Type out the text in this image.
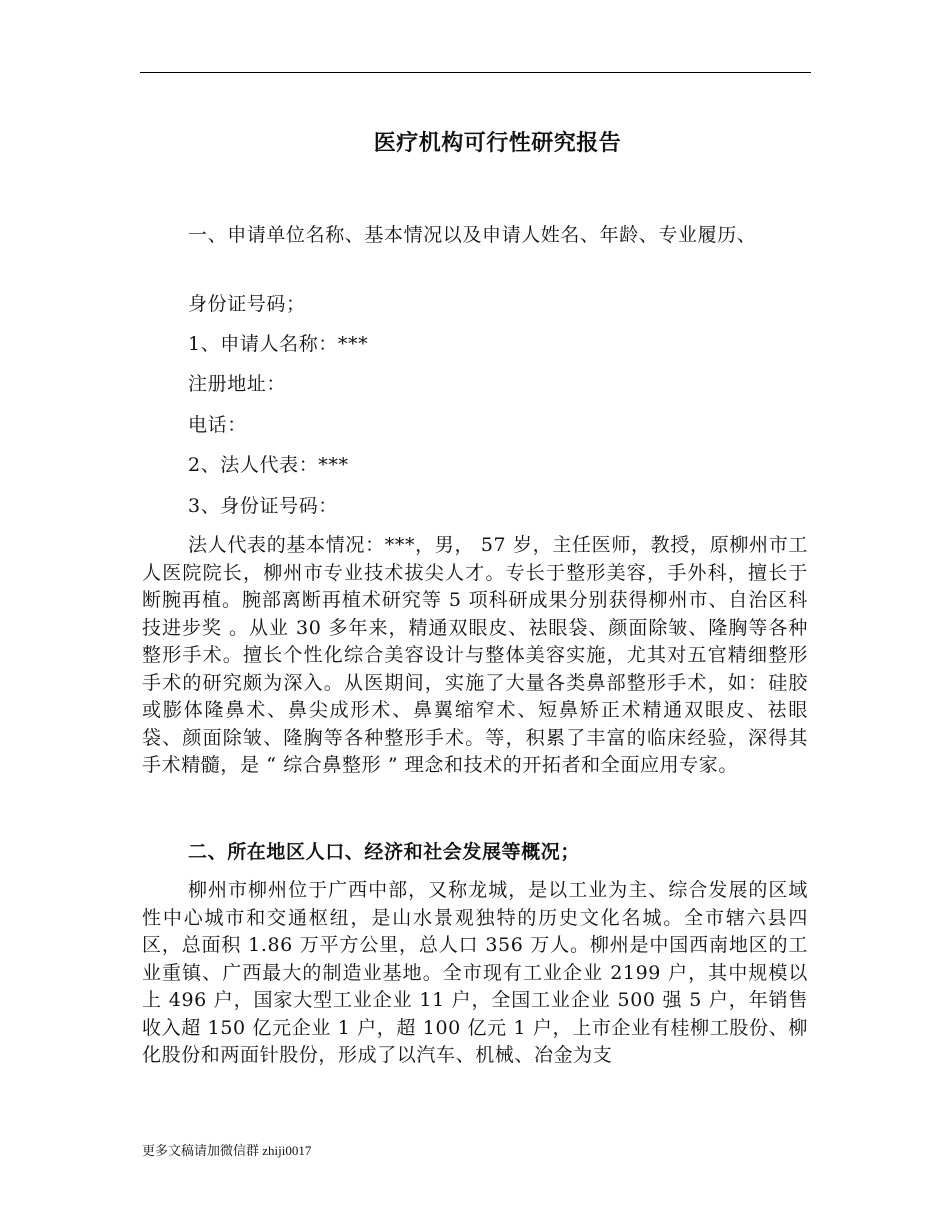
医疗机构可行性研究报告

一、申请单位名称、基本情况以及申请人姓名、年龄、专业履历、

身份证号码；

1、申请人名称：***

注册地址：

电话：

2、法人代表：***

3、身份证号码：

法人代表的基本情况：***，男， 57 岁，主任医师，教授，原柳州市工人医院院长，柳州市专业技术拔尖人才。专长于整形美容，手外科，擅长于断腕再植。腕部离断再植术研究等 5 项科研成果分别获得柳州市、自治区科技进步奖 。从业 30 多年来，精通双眼皮、祛眼袋、颜面除皱、隆胸等各种整形手术。擅长个性化综合美容设计与整体美容实施，尤其对五官精细整形手术的研究颇为深入。从医期间，实施了大量各类鼻部整形手术，如：硅胶或膨体隆鼻术、鼻尖成形术、鼻翼缩窄术、短鼻矫正术精通双眼皮、祛眼袋、颜面除皱、隆胸等各种整形手术。等，积累了丰富的临床经验，深得其手术精髓，是 “ 综合鼻整形 ” 理念和技术的开拓者和全面应用专家。

二、所在地区人口、经济和社会发展等概况；

柳州市柳州位于广西中部，又称龙城，是以工业为主、综合发展的区域性中心城市和交通枢纽，是山水景观独特的历史文化名城。全市辖六县四区，总面积 1.86 万平方公里，总人口 356 万人。柳州是中国西南地区的工业重镇、广西最大的制造业基地。全市现有工业企业 2199 户，其中规模以上 496 户，国家大型工业企业 11 户，全国工业企业 500 强 5 户，年销售收入超 150 亿元企业 1 户，超 100 亿元 1 户，上市企业有桂柳工股份、柳化股份和两面针股份，形成了以汽车、机械、冶金为支

更多文稿请加微信群 zhiji0017
